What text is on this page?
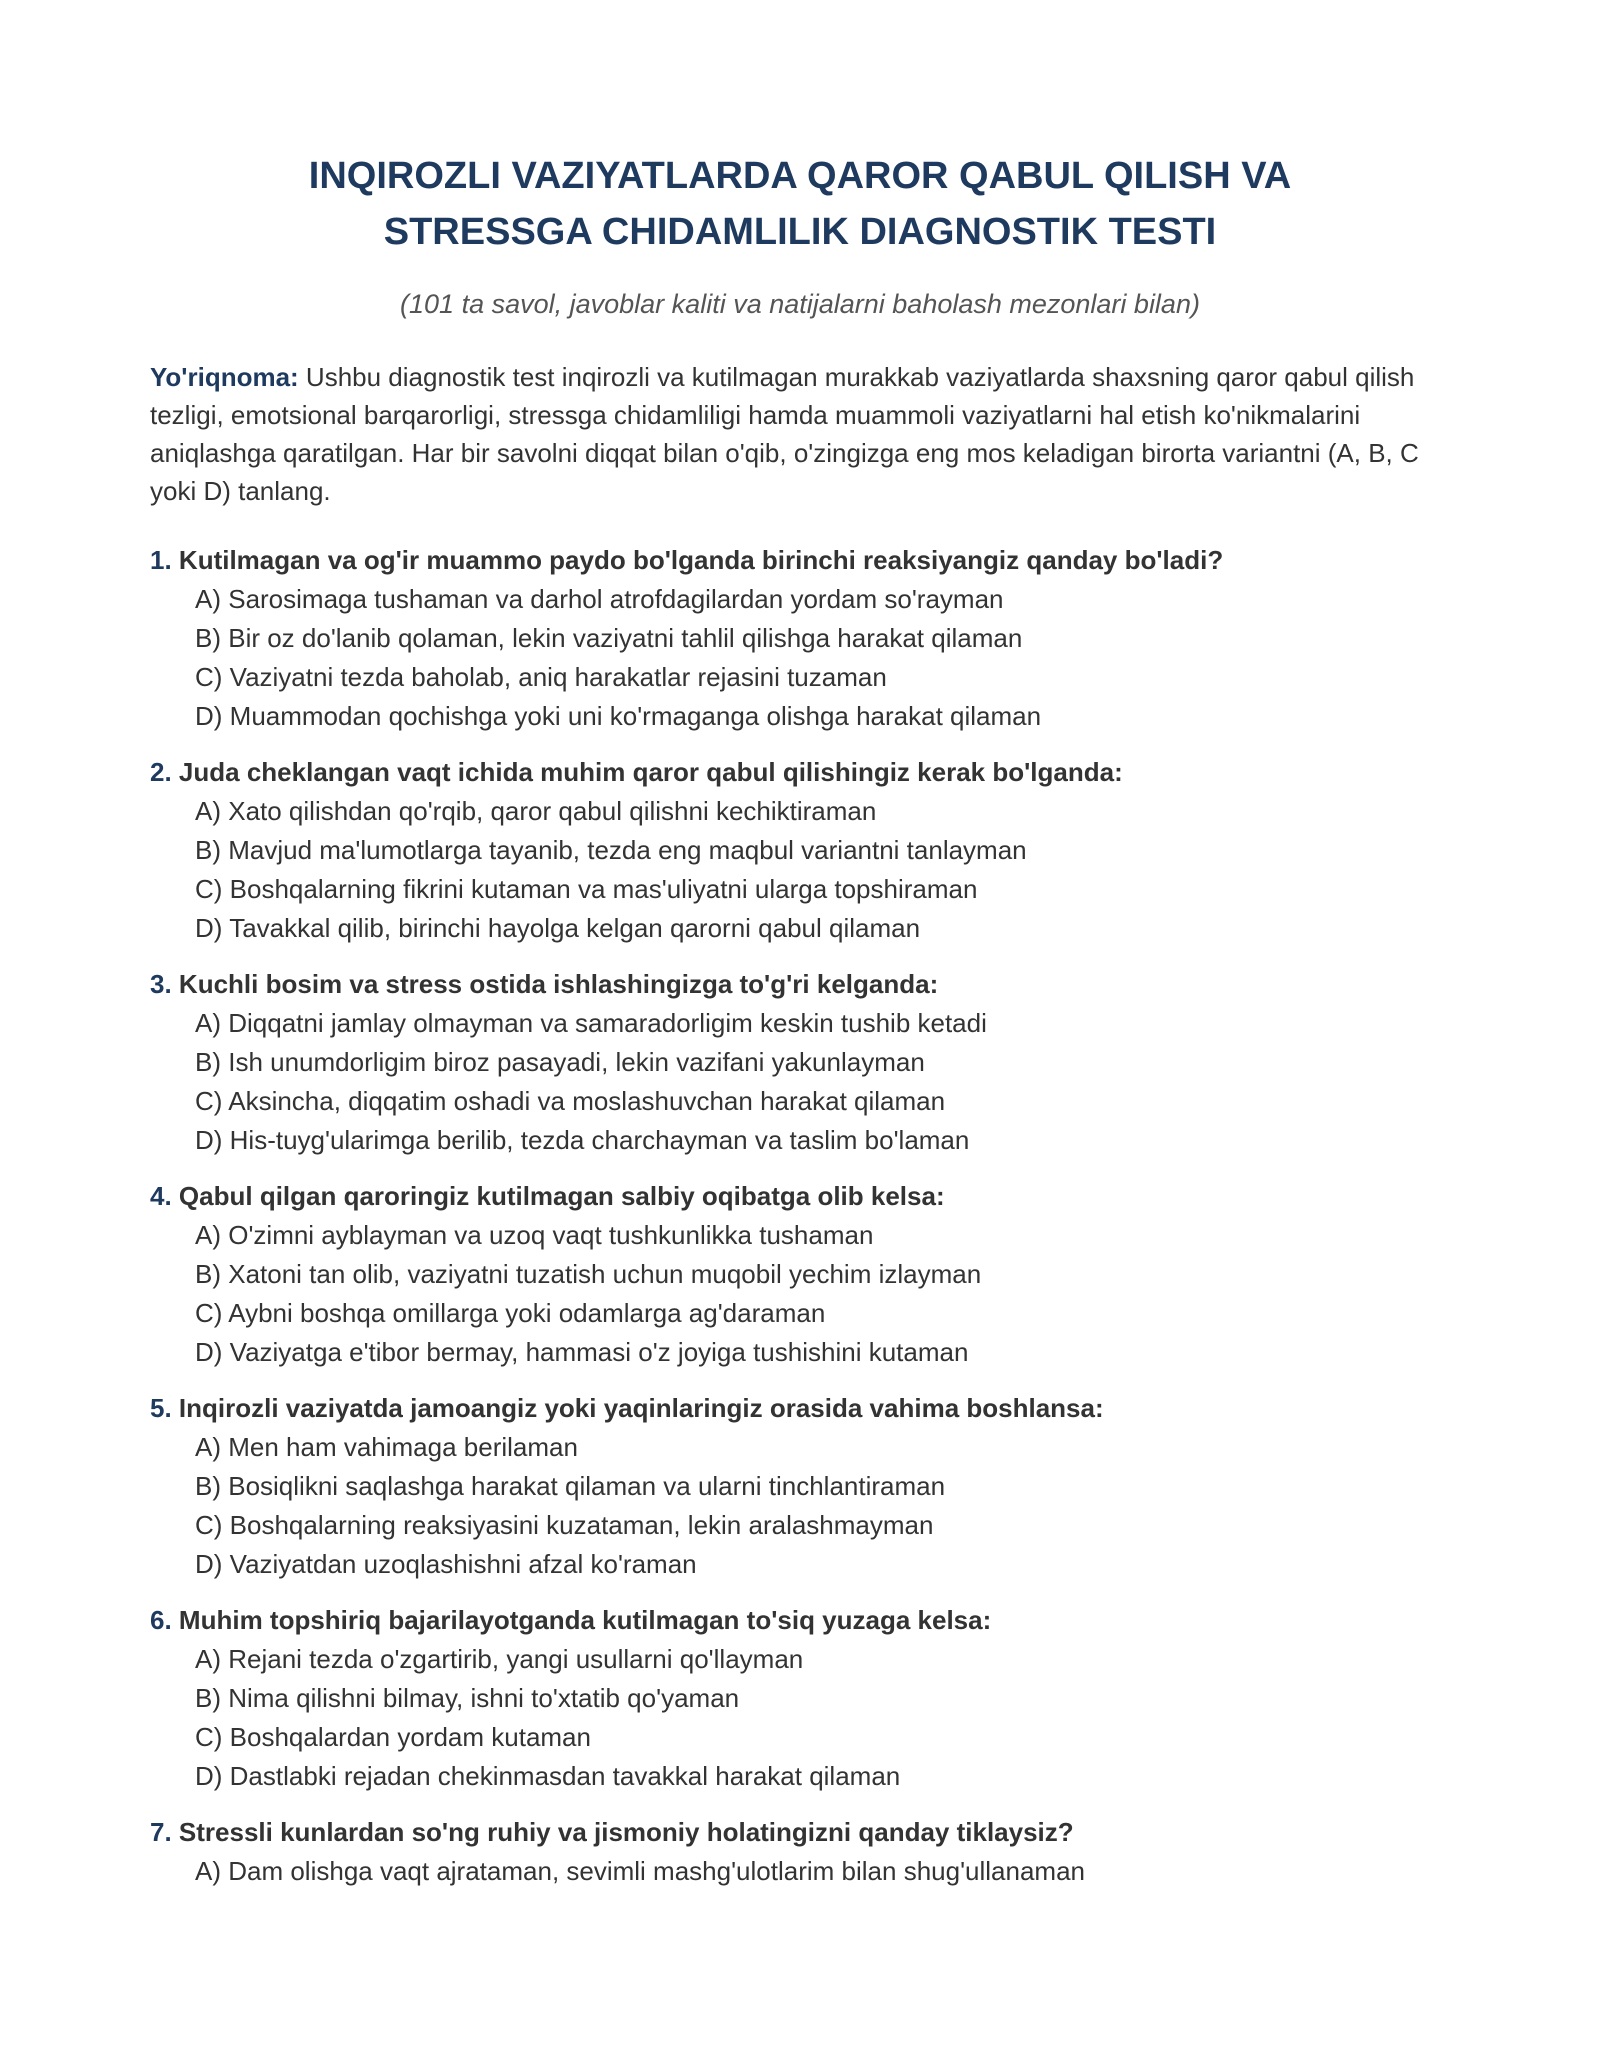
INQIROZLI VAZIYATLARDA QAROR QABUL QILISH VA
STRESSGA CHIDAMLILIK DIAGNOSTIK TESTI

(101 ta savol, javoblar kaliti va natijalarni baholash mezonlari bilan)

Yo'riqnoma: Ushbu diagnostik test inqirozli va kutilmagan murakkab vaziyatlarda shaxsning qaror qabul qilish tezligi, emotsional barqarorligi, stressga chidamliligi hamda muammoli vaziyatlarni hal etish ko'nikmalarini aniqlashga qaratilgan. Har bir savolni diqqat bilan o'qib, o'zingizga eng mos keladigan birorta variantni (A, B, C yoki D) tanlang.

1. Kutilmagan va og'ir muammo paydo bo'lganda birinchi reaksiyangiz qanday bo'ladi?
A) Sarosimaga tushaman va darhol atrofdagilardan yordam so'rayman
B) Bir oz do'lanib qolaman, lekin vaziyatni tahlil qilishga harakat qilaman
C) Vaziyatni tezda baholab, aniq harakatlar rejasini tuzaman
D) Muammodan qochishga yoki uni ko'rmaganga olishga harakat qilaman
2. Juda cheklangan vaqt ichida muhim qaror qabul qilishingiz kerak bo'lganda:
A) Xato qilishdan qo'rqib, qaror qabul qilishni kechiktiraman
B) Mavjud ma'lumotlarga tayanib, tezda eng maqbul variantni tanlayman
C) Boshqalarning fikrini kutaman va mas'uliyatni ularga topshiraman
D) Tavakkal qilib, birinchi hayolga kelgan qarorni qabul qilaman
3. Kuchli bosim va stress ostida ishlashingizga to'g'ri kelganda:
A) Diqqatni jamlay olmayman va samaradorligim keskin tushib ketadi
B) Ish unumdorligim biroz pasayadi, lekin vazifani yakunlayman
C) Aksincha, diqqatim oshadi va moslashuvchan harakat qilaman
D) His-tuyg'ularimga berilib, tezda charchayman va taslim bo'laman
4. Qabul qilgan qaroringiz kutilmagan salbiy oqibatga olib kelsa:
A) O'zimni ayblayman va uzoq vaqt tushkunlikka tushaman
B) Xatoni tan olib, vaziyatni tuzatish uchun muqobil yechim izlayman
C) Aybni boshqa omillarga yoki odamlarga ag'daraman
D) Vaziyatga e'tibor bermay, hammasi o'z joyiga tushishini kutaman
5. Inqirozli vaziyatda jamoangiz yoki yaqinlaringiz orasida vahima boshlansa:
A) Men ham vahimaga berilaman
B) Bosiqlikni saqlashga harakat qilaman va ularni tinchlantiraman
C) Boshqalarning reaksiyasini kuzataman, lekin aralashmayman
D) Vaziyatdan uzoqlashishni afzal ko'raman
6. Muhim topshiriq bajarilayotganda kutilmagan to'siq yuzaga kelsa:
A) Rejani tezda o'zgartirib, yangi usullarni qo'llayman
B) Nima qilishni bilmay, ishni to'xtatib qo'yaman
C) Boshqalardan yordam kutaman
D) Dastlabki rejadan chekinmasdan tavakkal harakat qilaman
7. Stressli kunlardan so'ng ruhiy va jismoniy holatingizni qanday tiklaysiz?
A) Dam olishga vaqt ajrataman, sevimli mashg'ulotlarim bilan shug'ullanaman
